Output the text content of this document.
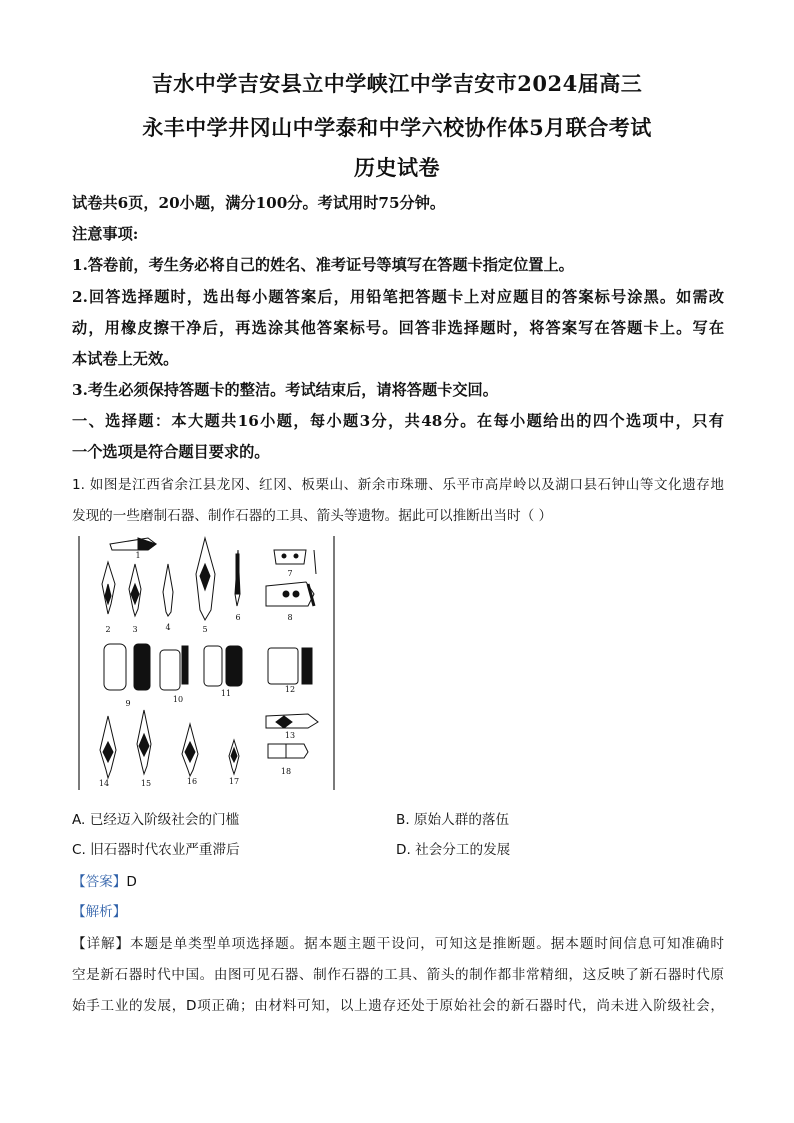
吉水中学吉安县立中学峡江中学吉安市2024届高三
永丰中学井冈山中学泰和中学六校协作体5月联合考试
历史试卷
试卷共6页，20小题，满分100分。考试用时75分钟。
注意事项:
1.答卷前，考生务必将自己的姓名、准考证号等填写在答题卡指定位置上。
2.回答选择题时，选出每小题答案后，用铅笔把答题卡上对应题目的答案标号涂黑。如需改
动，用橡皮擦干净后，再选涂其他答案标号。回答非选择题时，将答案写在答题卡上。写在
本试卷上无效。
3.考生必须保持答题卡的整洁。考试结束后，请将答题卡交回。
一、选择题：本大题共16小题，每小题3分，共48分。在每小题给出的四个选项中，只有
一个选项是符合题目要求的。
1. 如图是江西省余江县龙冈、红冈、板栗山、新余市珠珊、乐平市高岸岭以及湖口县石钟山等文化遗存地
发现的一些磨制石器、制作石器的工具、箭头等遗物。据此可以推断出当时（ ）
1
2	3	4	5
6
7
8
9	10
11	12
13
14	15	16	17
18
A. 已经迈入阶级社会的门槛	B. 原始人群的落伍
C. 旧石器时代农业严重滞后	D. 社会分工的发展
【答案】D
【解析】
【详解】本题是单类型单项选择题。据本题主题干设问，可知这是推断题。据本题时间信息可知准确时
空是新石器时代中国。由图可见石器、制作石器的工具、箭头的制作都非常精细，这反映了新石器时代原
始手工业的发展，D项正确；由材料可知，以上遗存还处于原始社会的新石器时代，尚未进入阶级社会，
